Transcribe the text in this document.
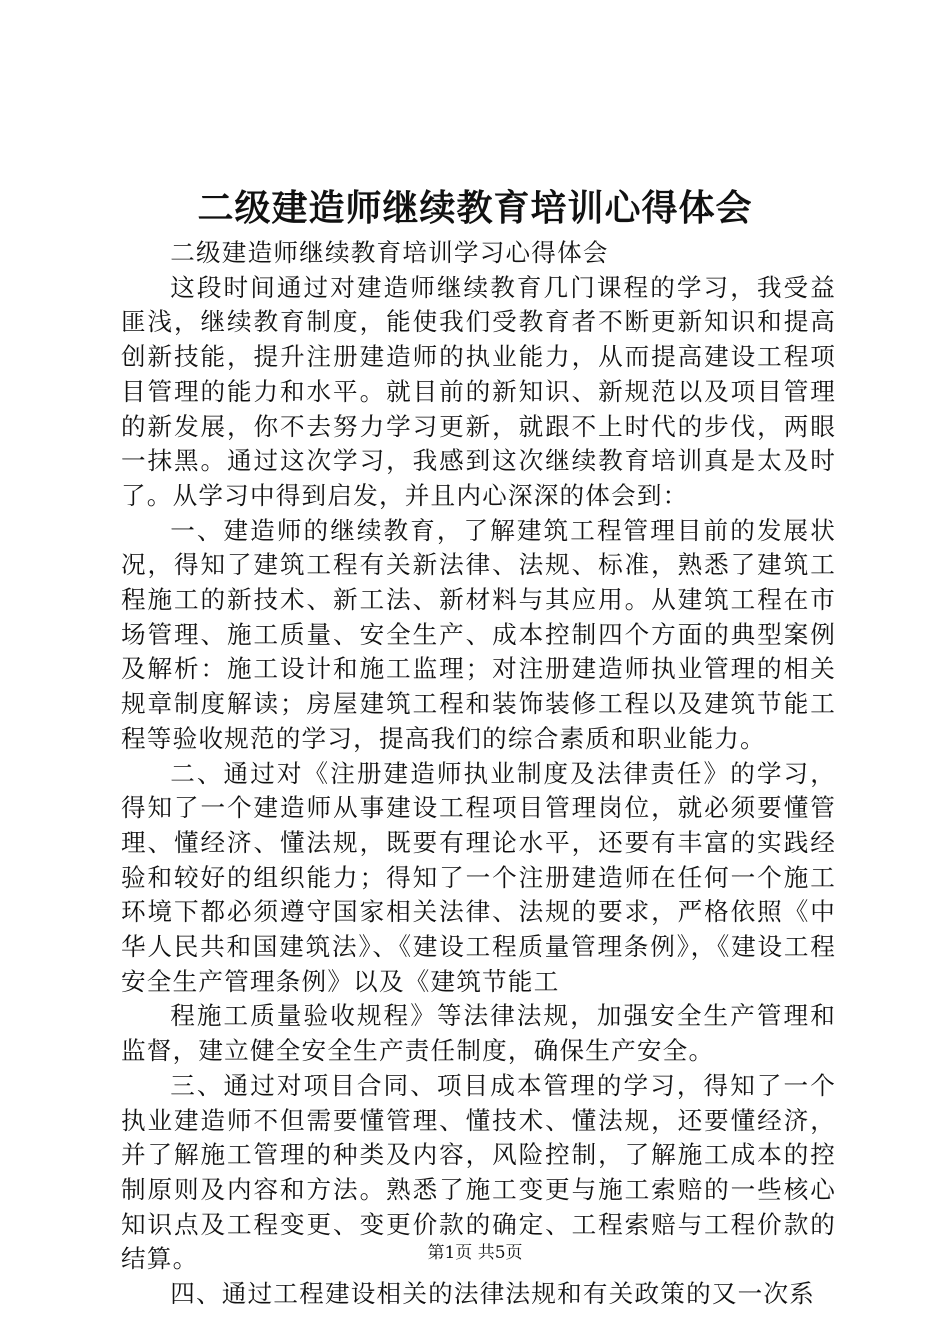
二级建造师继续教育培训心得体会

二级建造师继续教育培训学习心得体会

这段时间通过对建造师继续教育几门课程的学习，我受益匪浅，继续教育制度，能使我们受教育者不断更新知识和提高创新技能，提升注册建造师的执业能力，从而提高建设工程项目管理的能力和水平。就目前的新知识、新规范以及项目管理的新发展，你不去努力学习更新，就跟不上时代的步伐，两眼一抹黑。通过这次学习，我感到这次继续教育培训真是太及时了。从学习中得到启发，并且内心深深的体会到：

一、建造师的继续教育，了解建筑工程管理目前的发展状况，得知了建筑工程有关新法律、法规、标准，熟悉了建筑工程施工的新技术、新工法、新材料与其应用。从建筑工程在市场管理、施工质量、安全生产、成本控制四个方面的典型案例及解析：施工设计和施工监理；对注册建造师执业管理的相关规章制度解读；房屋建筑工程和装饰装修工程以及建筑节能工程等验收规范的学习，提高我们的综合素质和职业能力。

二、通过对《注册建造师执业制度及法律责任》的学习，得知了一个建造师从事建设工程项目管理岗位，就必须要懂管理、懂经济、懂法规，既要有理论水平，还要有丰富的实践经验和较好的组织能力；得知了一个注册建造师在任何一个施工环境下都必须遵守国家相关法律、法规的要求，严格依照《中华人民共和国建筑法》、《建设工程质量管理条例》，《建设工程安全生产管理条例》以及《建筑节能工

程施工质量验收规程》等法律法规，加强安全生产管理和监督，建立健全安全生产责任制度，确保生产安全。

三、通过对项目合同、项目成本管理的学习，得知了一个执业建造师不但需要懂管理、懂技术、懂法规，还要懂经济，并了解施工管理的种类及内容，风险控制，了解施工成本的控制原则及内容和方法。熟悉了施工变更与施工索赔的一些核心知识点及工程变更、变更价款的确定、工程索赔与工程价款的结算。

四、通过工程建设相关的法律法规和有关政策的又一次系

第1页 共5页
